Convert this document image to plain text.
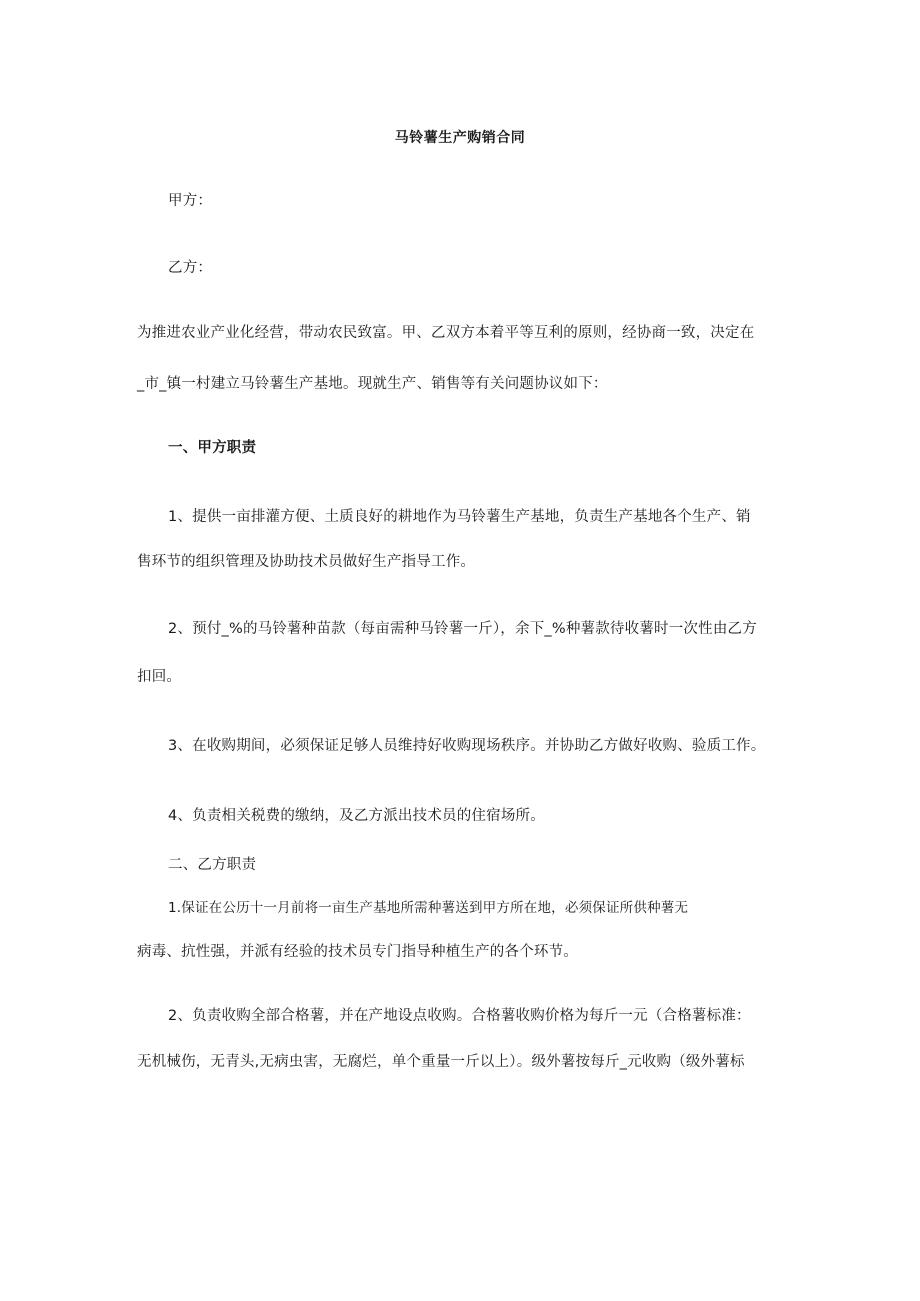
马铃薯生产购销合同
甲方：
乙方：
为推进农业产业化经营，带动农民致富。甲、乙双方本着平等互利的原则，经协商一致，决定在
_市_镇一村建立马铃薯生产基地。现就生产、销售等有关问题协议如下：
一、甲方职责
1、提供一亩排灌方便、土质良好的耕地作为马铃薯生产基地，负责生产基地各个生产、销
售环节的组织管理及协助技术员做好生产指导工作。
2、预付_%的马铃薯种苗款（每亩需种马铃薯一斤），余下_%种薯款待收薯时一次性由乙方
扣回。
3、在收购期间，必须保证足够人员维持好收购现场秩序。并协助乙方做好收购、验质工作。
4、负责相关税费的缴纳，及乙方派出技术员的住宿场所。
二、乙方职责
1.保证在公历十一月前将一亩生产基地所需种薯送到甲方所在地，必须保证所供种薯无
病毒、抗性强，并派有经验的技术员专门指导种植生产的各个环节。
2、负责收购全部合格薯，并在产地设点收购。合格薯收购价格为每斤一元（合格薯标准：
无机械伤，无青头,无病虫害，无腐烂，单个重量一斤以上）。级外薯按每斤_元收购（级外薯标
